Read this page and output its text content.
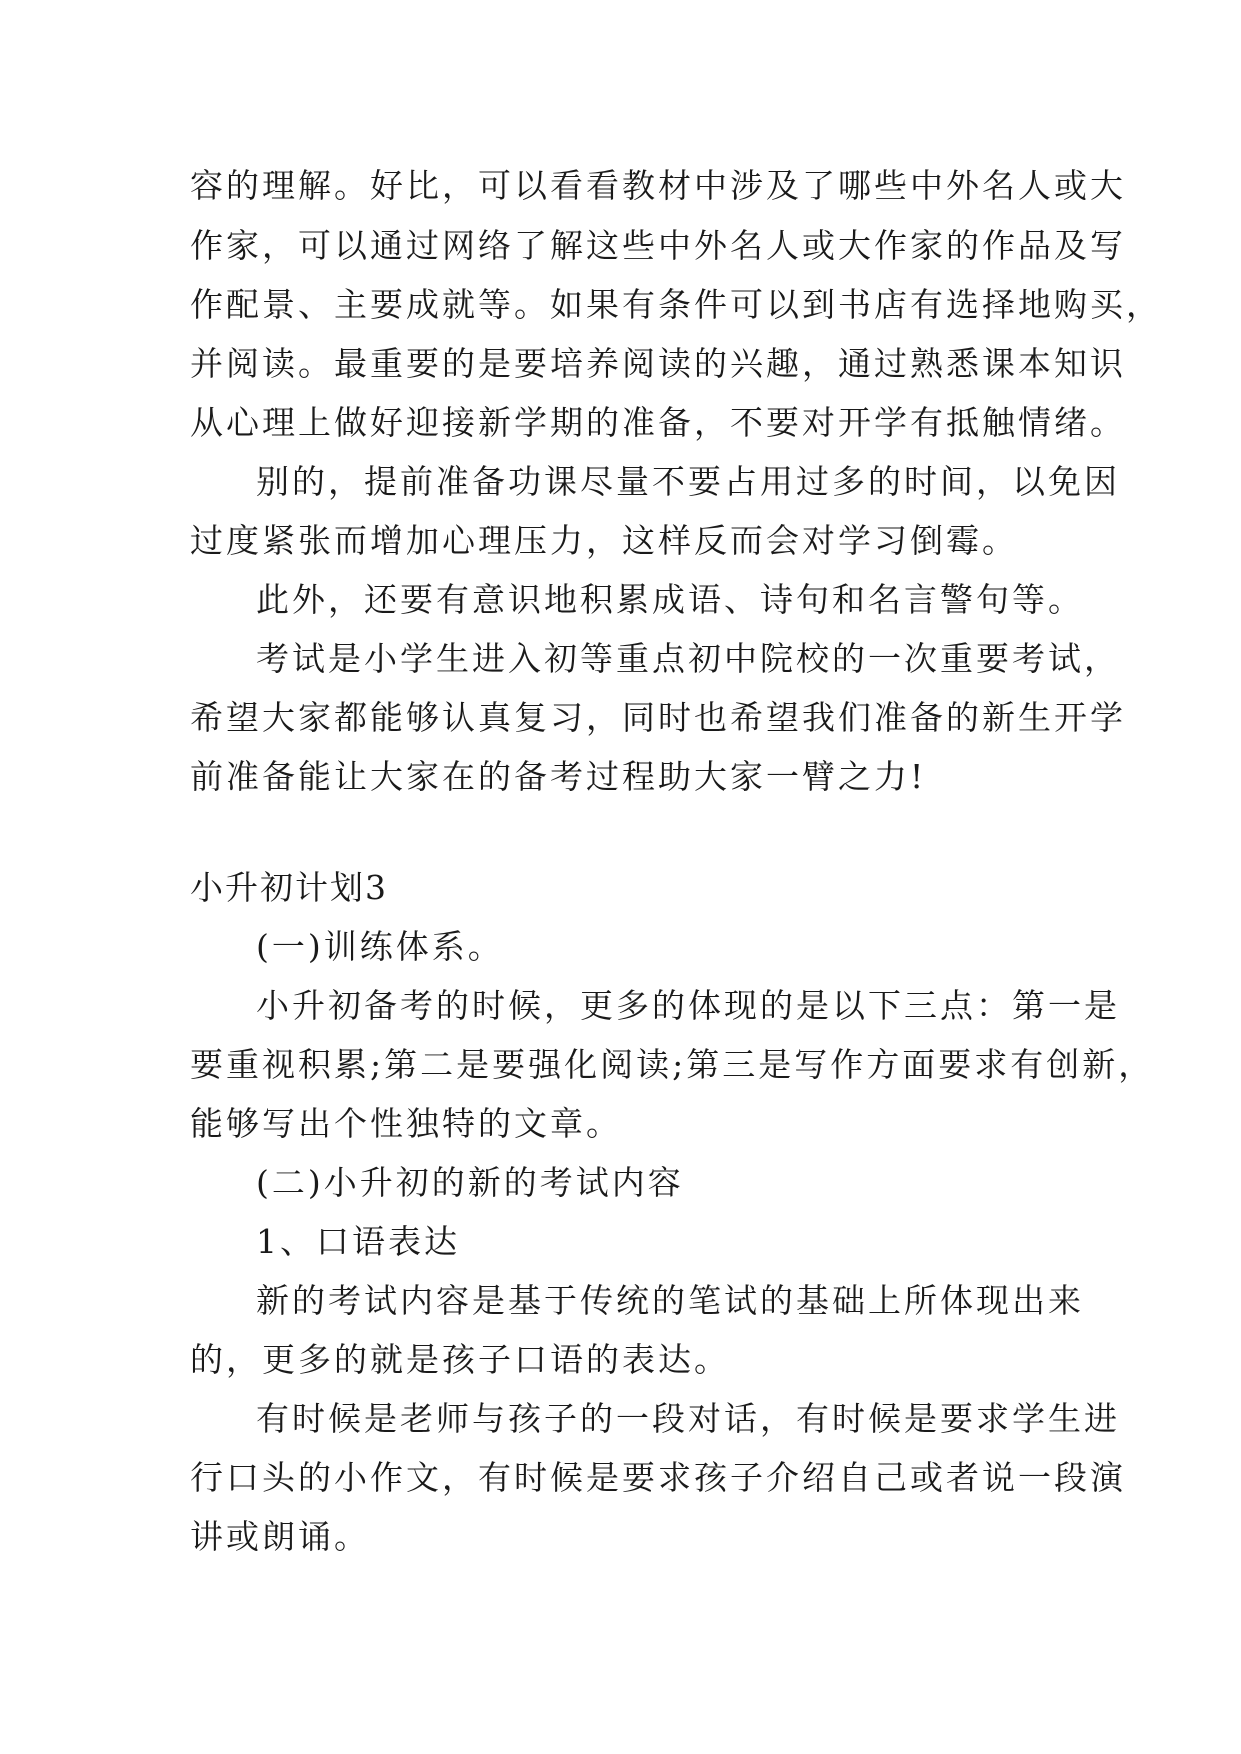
容的理解。好比，可以看看教材中涉及了哪些中外名人或大

作家，可以通过网络了解这些中外名人或大作家的作品及写

作配景、主要成就等。如果有条件可以到书店有选择地购买，

并阅读。最重要的是要培养阅读的兴趣，通过熟悉课本知识

从心理上做好迎接新学期的准备，不要对开学有抵触情绪。

别的，提前准备功课尽量不要占用过多的时间，以免因

过度紧张而增加心理压力，这样反而会对学习倒霉。

此外，还要有意识地积累成语、诗句和名言警句等。

考试是小学生进入初等重点初中院校的一次重要考试，

希望大家都能够认真复习，同时也希望我们准备的新生开学

前准备能让大家在的备考过程助大家一臂之力!

小升初计划3

(一)训练体系。

小升初备考的时候，更多的体现的是以下三点：第一是

要重视积累;第二是要强化阅读;第三是写作方面要求有创新，

能够写出个性独特的文章。

(二)小升初的新的考试内容

1、口语表达

新的考试内容是基于传统的笔试的基础上所体现出来

的，更多的就是孩子口语的表达。

有时候是老师与孩子的一段对话，有时候是要求学生进

行口头的小作文，有时候是要求孩子介绍自己或者说一段演

讲或朗诵。
